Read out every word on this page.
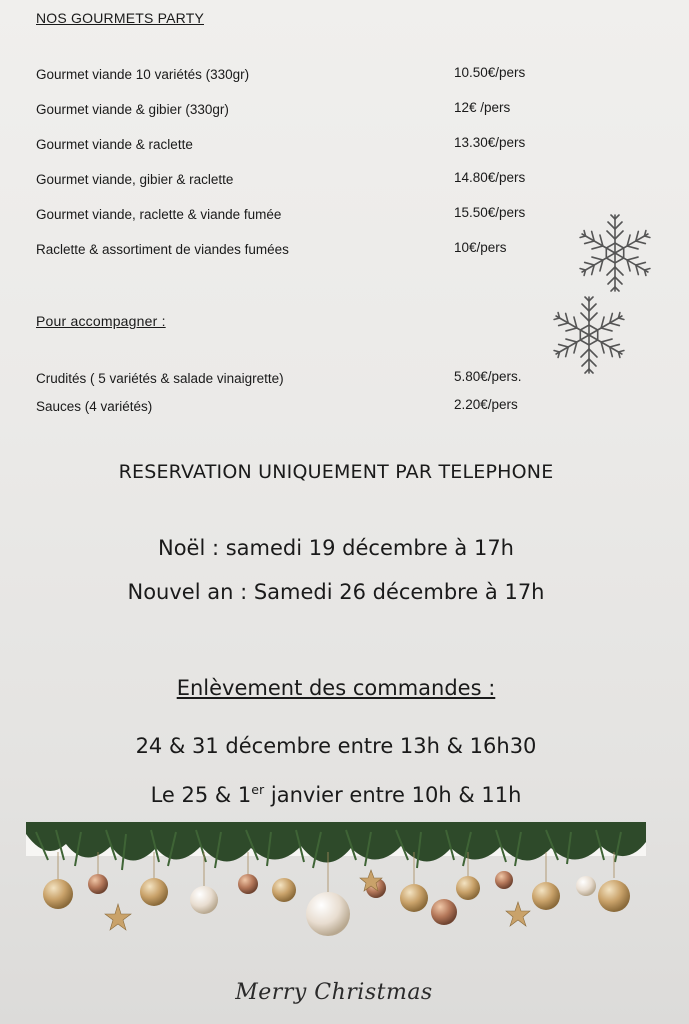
NOS GOURMETS PARTY
Gourmet viande 10 variétés (330gr)	10.50€/pers
Gourmet viande & gibier (330gr)	12€ /pers
Gourmet viande & raclette	13.30€/pers
Gourmet viande, gibier & raclette	14.80€/pers
Gourmet viande, raclette & viande fumée	15.50€/pers
Raclette & assortiment de viandes fumées	10€/pers
Pour accompagner :
Crudités ( 5 variétés & salade vinaigrette)	5.80€/pers.
Sauces (4 variétés)	2.20€/pers
RESERVATION UNIQUEMENT PAR TELEPHONE
Noël : samedi 19 décembre à 17h
Nouvel an : Samedi 26 décembre à 17h
Enlèvement des commandes :
24 & 31 décembre entre 13h & 16h30
Le 25 & 1er janvier entre 10h & 11h
Merry Christmas
